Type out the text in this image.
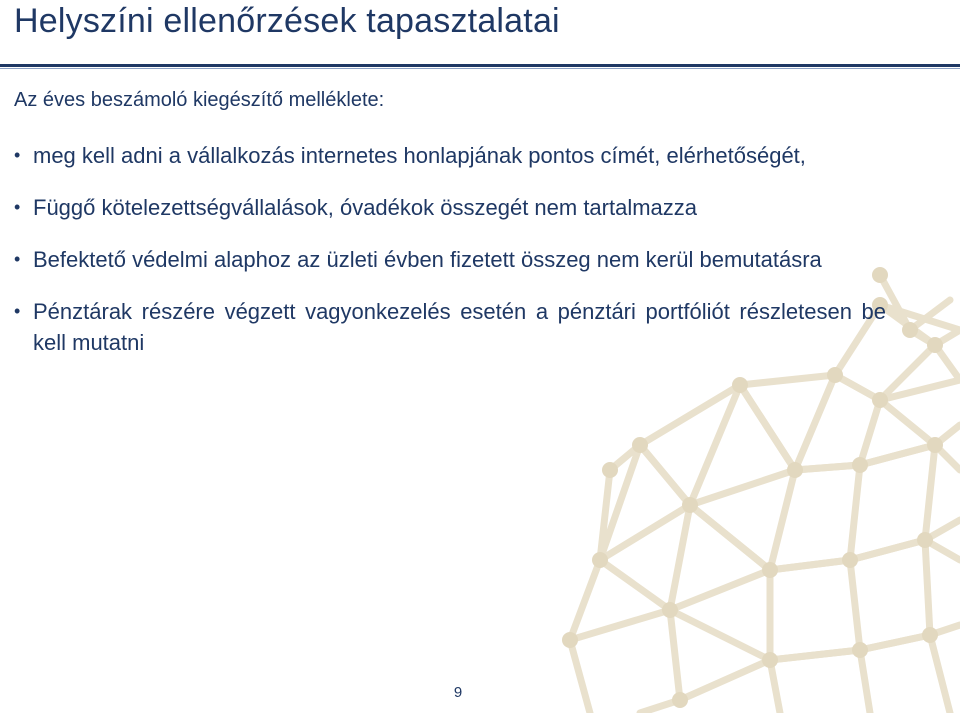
Helyszíni ellenőrzések tapasztalatai
Az éves beszámoló kiegészítő melléklete:
• meg kell adni a vállalkozás internetes honlapjának pontos címét, elérhetőségét,
• Függő kötelezettségvállalások, óvadékok összegét nem tartalmazza
• Befektető védelmi alaphoz az üzleti évben fizetett összeg nem kerül bemutatásra
• Pénztárak részére végzett vagyonkezelés esetén a pénztári portfóliót részletesen be kell mutatni
9
